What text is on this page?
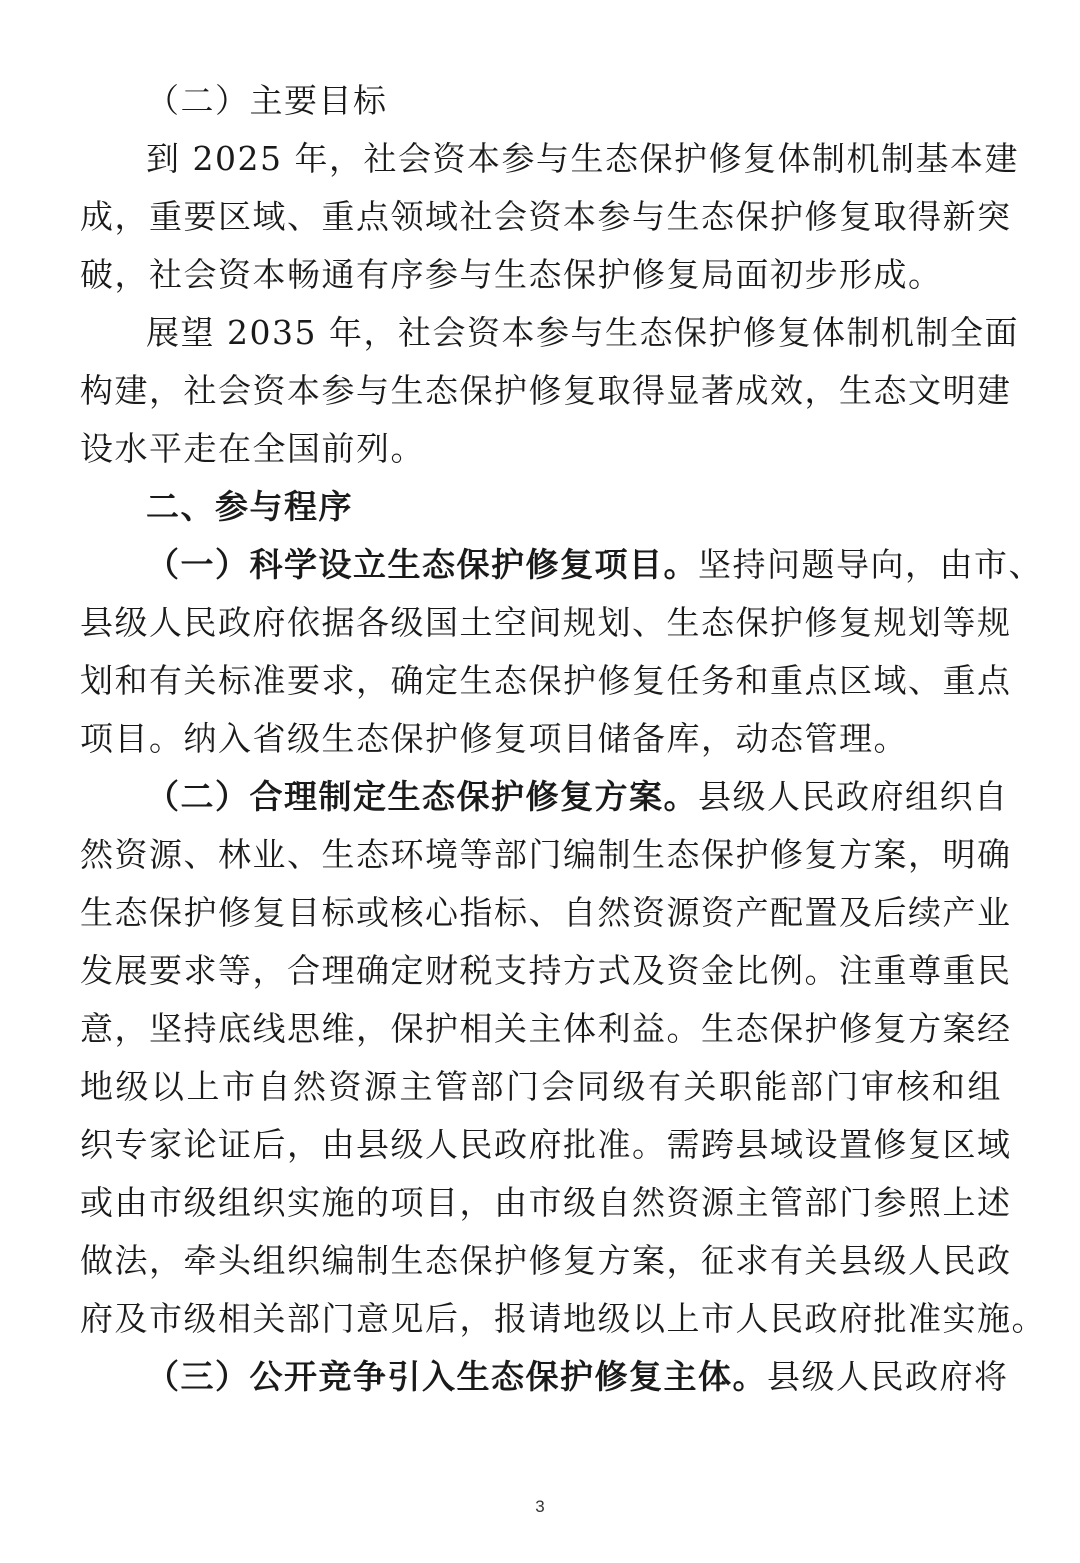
（二）主要目标
到 2025 年，社会资本参与生态保护修复体制机制基本建
成，重要区域、重点领域社会资本参与生态保护修复取得新突
破，社会资本畅通有序参与生态保护修复局面初步形成。
展望 2035 年，社会资本参与生态保护修复体制机制全面
构建，社会资本参与生态保护修复取得显著成效，生态文明建
设水平走在全国前列。
二、参与程序
（一）科学设立生态保护修复项目。坚持问题导向，由市、
县级人民政府依据各级国土空间规划、生态保护修复规划等规
划和有关标准要求，确定生态保护修复任务和重点区域、重点
项目。纳入省级生态保护修复项目储备库，动态管理。
（二）合理制定生态保护修复方案。县级人民政府组织自
然资源、林业、生态环境等部门编制生态保护修复方案，明确
生态保护修复目标或核心指标、自然资源资产配置及后续产业
发展要求等，合理确定财税支持方式及资金比例。注重尊重民
意，坚持底线思维，保护相关主体利益。生态保护修复方案经
地级以上市自然资源主管部门会同级有关职能部门审核和组
织专家论证后，由县级人民政府批准。需跨县域设置修复区域
或由市级组织实施的项目，由市级自然资源主管部门参照上述
做法，牵头组织编制生态保护修复方案，征求有关县级人民政
府及市级相关部门意见后，报请地级以上市人民政府批准实施。
（三）公开竞争引入生态保护修复主体。县级人民政府将
3
